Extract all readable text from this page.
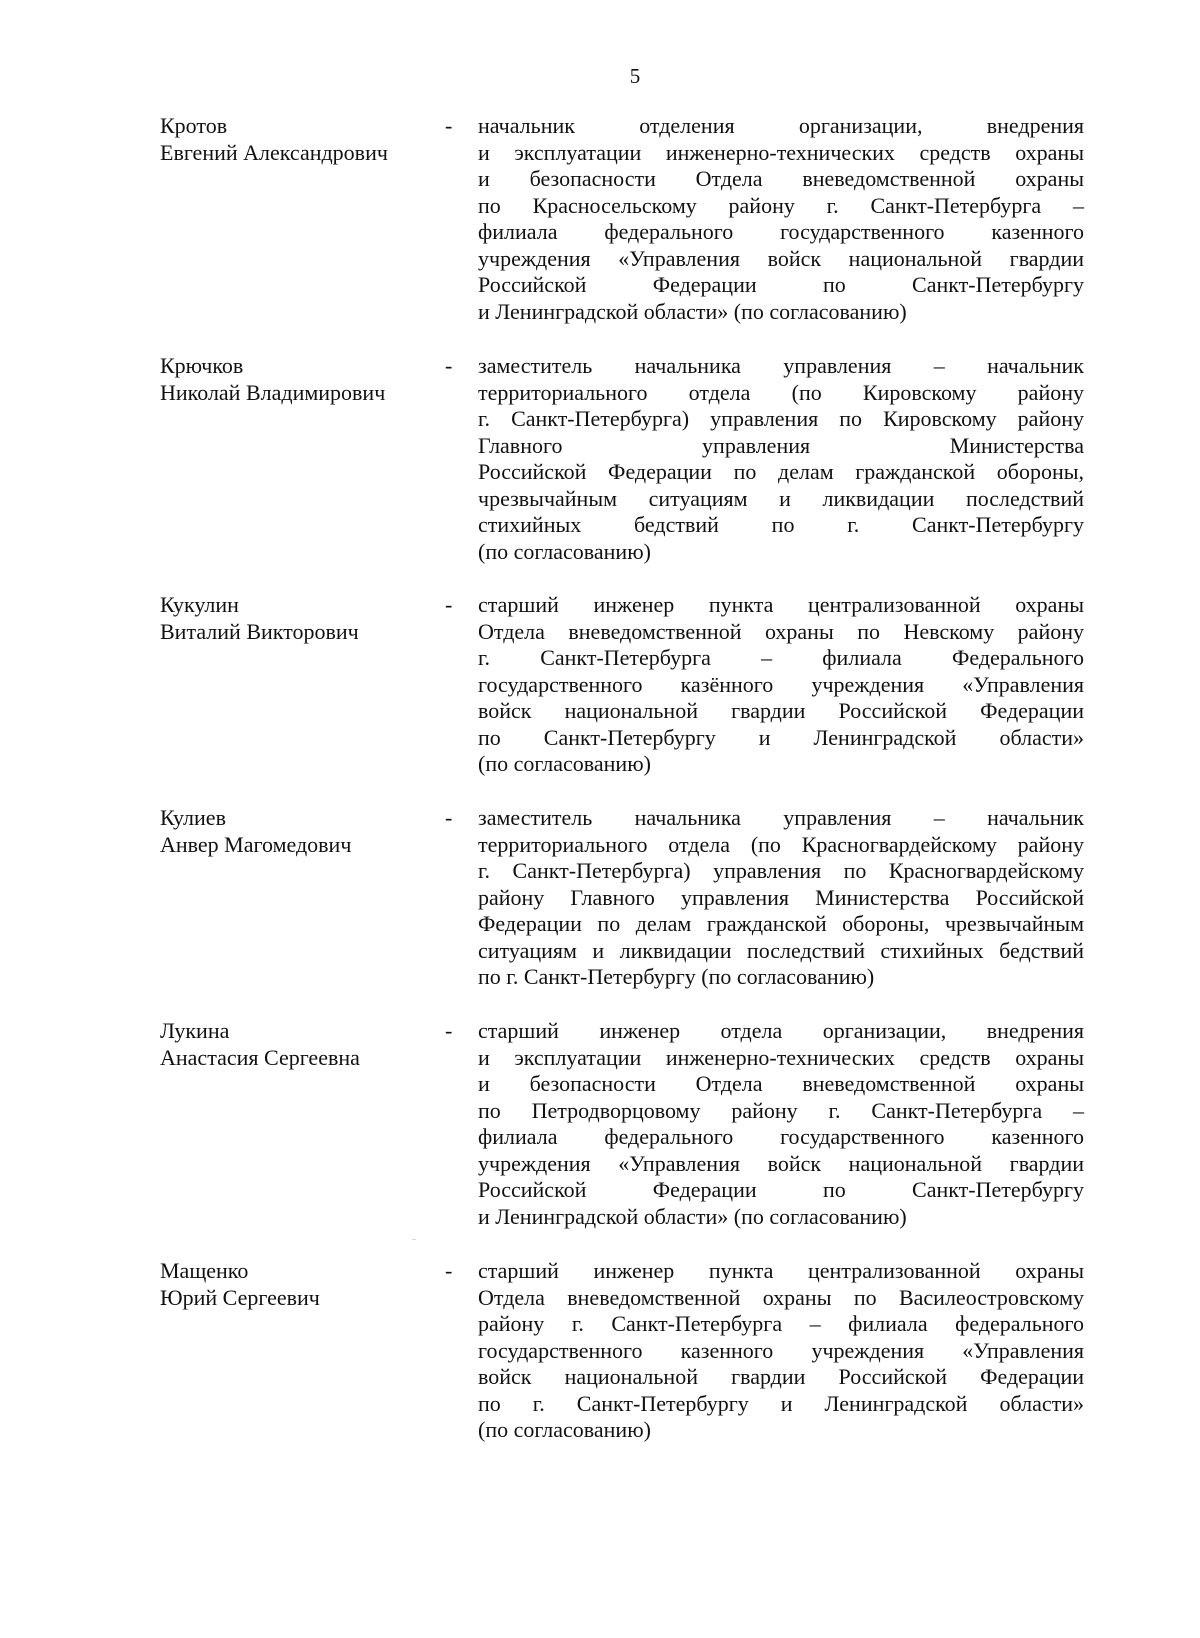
5
Кротов
Евгений Александрович
- начальник отделения организации, внедрения
и эксплуатации инженерно-технических средств охраны
и безопасности Отдела вневедомственной охраны
по Красносельскому району г. Санкт-Петербурга –
филиала федерального государственного казенного
учреждения «Управления войск национальной гвардии
Российской Федерации по Санкт-Петербургу
и Ленинградской области» (по согласованию)
Крючков
Николай Владимирович
- заместитель начальника управления – начальник
территориального отдела (по Кировскому району
г. Санкт-Петербурга) управления по Кировскому району
Главного управления Министерства
Российской Федерации по делам гражданской обороны,
чрезвычайным ситуациям и ликвидации последствий
стихийных бедствий по г. Санкт-Петербургу
(по согласованию)
Кукулин
Виталий Викторович
- старший инженер пункта централизованной охраны
Отдела вневедомственной охраны по Невскому району
г. Санкт-Петербурга – филиала Федерального
государственного казённого учреждения «Управления
войск национальной гвардии Российской Федерации
по Санкт-Петербургу и Ленинградской области»
(по согласованию)
Кулиев
Анвер Магомедович
- заместитель начальника управления – начальник
территориального отдела (по Красногвардейскому району
г. Санкт-Петербурга) управления по Красногвардейскому
району Главного управления Министерства Российской
Федерации по делам гражданской обороны, чрезвычайным
ситуациям и ликвидации последствий стихийных бедствий
по г. Санкт-Петербургу (по согласованию)
Лукина
Анастасия Сергеевна
- старший инженер отдела организации, внедрения
и эксплуатации инженерно-технических средств охраны
и безопасности Отдела вневедомственной охраны
по Петродворцовому району г. Санкт-Петербурга –
филиала федерального государственного казенного
учреждения «Управления войск национальной гвардии
Российской Федерации по Санкт-Петербургу
и Ленинградской области» (по согласованию)
Мащенко
Юрий Сергеевич
- старший инженер пункта централизованной охраны
Отдела вневедомственной охраны по Василеостровскому
району г. Санкт-Петербурга – филиала федерального
государственного казенного учреждения «Управления
войск национальной гвардии Российской Федерации
по г. Санкт-Петербургу и Ленинградской области»
(по согласованию)
